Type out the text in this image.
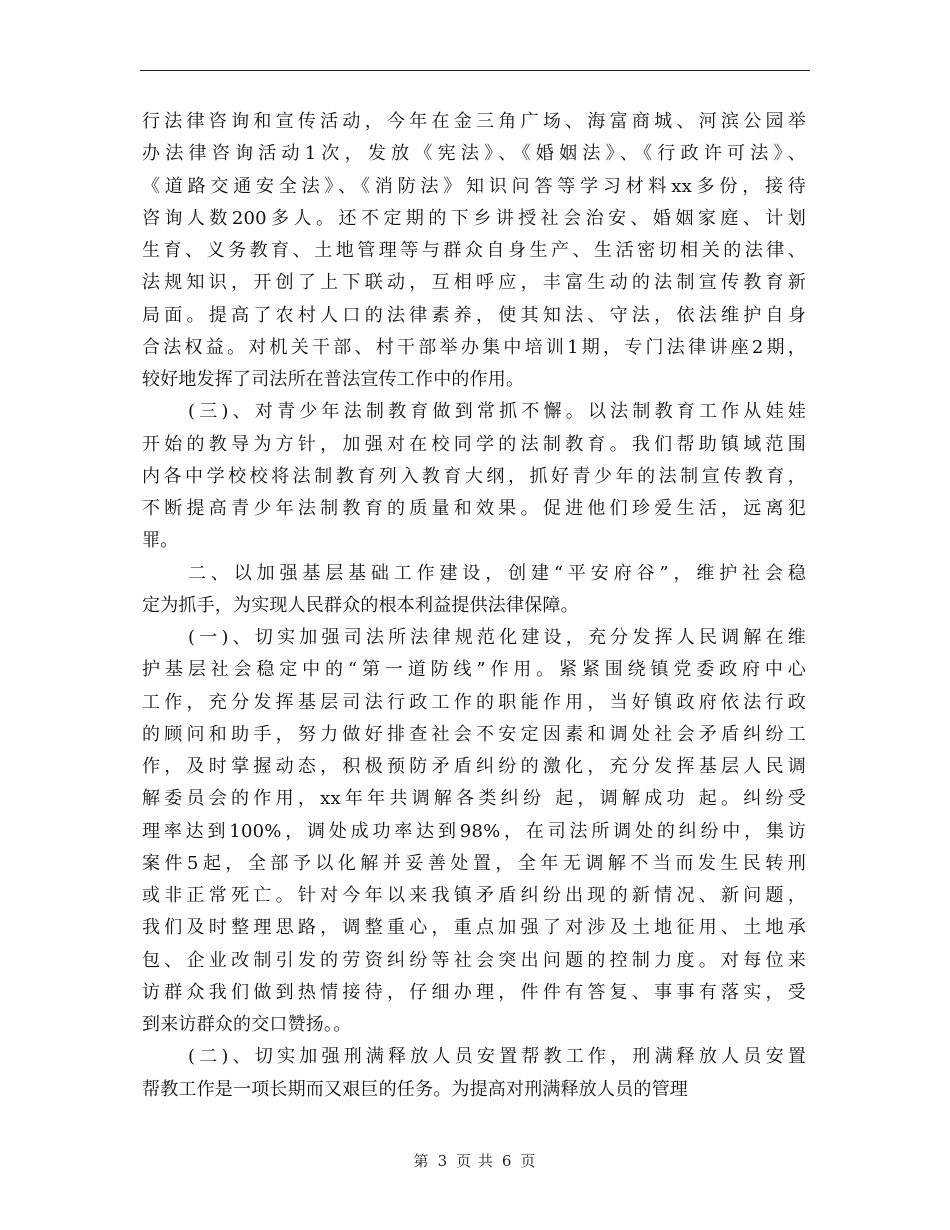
行法律咨询和宣传活动，今年在金三角广场、海富商城、河滨公园举
办法律咨询活动1次，发放《宪法》、《婚姻法》、《行政许可法》、
《道路交通安全法》、《消防法》知识问答等学习材料xx多份，接待
咨询人数200多人。还不定期的下乡讲授社会治安、婚姻家庭、计划
生育、义务教育、土地管理等与群众自身生产、生活密切相关的法律、
法规知识，开创了上下联动，互相呼应，丰富生动的法制宣传教育新
局面。提高了农村人口的法律素养，使其知法、守法，依法维护自身
合法权益。对机关干部、村干部举办集中培训1期，专门法律讲座2期，
较好地发挥了司法所在普法宣传工作中的作用。
(三)、对青少年法制教育做到常抓不懈。以法制教育工作从娃娃
开始的教导为方针，加强对在校同学的法制教育。我们帮助镇域范围
内各中学校校将法制教育列入教育大纲，抓好青少年的法制宣传教育，
不断提高青少年法制教育的质量和效果。促进他们珍爱生活，远离犯
罪。
二、以加强基层基础工作建设，创建“平安府谷”，维护社会稳
定为抓手，为实现人民群众的根本利益提供法律保障。
(一)、切实加强司法所法律规范化建设，充分发挥人民调解在维
护基层社会稳定中的“第一道防线”作用。紧紧围绕镇党委政府中心
工作，充分发挥基层司法行政工作的职能作用，当好镇政府依法行政
的顾问和助手，努力做好排查社会不安定因素和调处社会矛盾纠纷工
作，及时掌握动态，积极预防矛盾纠纷的激化，充分发挥基层人民调
解委员会的作用，xx年年共调解各类纠纷 起，调解成功 起。纠纷受
理率达到100%，调处成功率达到98%，在司法所调处的纠纷中，集访
案件5起，全部予以化解并妥善处置，全年无调解不当而发生民转刑
或非正常死亡。针对今年以来我镇矛盾纠纷出现的新情况、新问题，
我们及时整理思路，调整重心，重点加强了对涉及土地征用、土地承
包、企业改制引发的劳资纠纷等社会突出问题的控制力度。对每位来
访群众我们做到热情接待，仔细办理，件件有答复、事事有落实，受
到来访群众的交口赞扬。。
(二)、切实加强刑满释放人员安置帮教工作，刑满释放人员安置
帮教工作是一项长期而又艰巨的任务。为提高对刑满释放人员的管理
第 3 页 共 6 页
